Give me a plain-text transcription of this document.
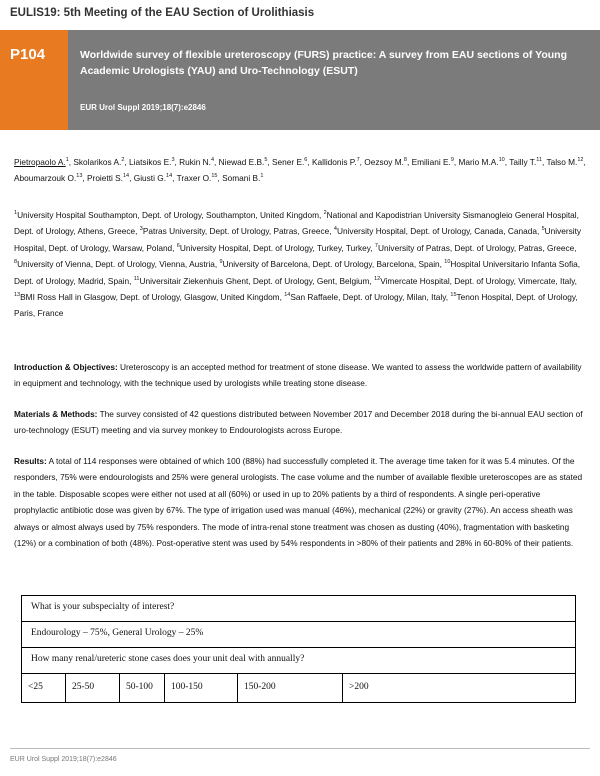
EULIS19: 5th Meeting of the EAU Section of Urolithiasis
P104	Worldwide survey of flexible ureteroscopy (FURS) practice: A survey from EAU sections of Young Academic Urologists (YAU) and Uro-Technology (ESUT)
EUR Urol Suppl 2019;18(7):e2846

Pietropaolo A.$^1$, Skolarikos A.$^2$, Liatsikos E.$^3$, Rukin N.$^4$, Niewad E.B.$^5$, Sener E.$^6$, Kallidonis P.$^7$, Oezsoy M.$^8$, Emiliani E.$^9$, Mario M.A.$^{10}$, Tailly T.$^{11}$, Talso M.$^{12}$, Aboumarzouk O.$^{13}$, Proietti S.$^{14}$, Giusti G.$^{14}$, Traxer O.$^{15}$, Somani B.$^1$

$^1$University Hospital Southampton, Dept. of Urology, Southampton, United Kingdom, $^2$National and Kapodistrian University Sismanogleio General Hospital, Dept. of Urology, Athens, Greece, $^3$Patras University, Dept. of Urology, Patras, Greece, $^4$University Hospital, Dept. of Urology, Canada, Canada, $^5$University Hospital, Dept. of Urology, Warsaw, Poland, $^6$University Hospital, Dept. of Urology, Turkey, Turkey, $^7$University of Patras, Dept. of Urology, Patras, Greece, $^8$University of Vienna, Dept. of Urology, Vienna, Austria, $^9$University of Barcelona, Dept. of Urology, Barcelona, Spain, $^{10}$Hospital Universitario Infanta Sofia, Dept. of Urology, Madrid, Spain, $^{11}$Universitair Ziekenhuis Ghent, Dept. of Urology, Gent, Belgium, $^{12}$Vimercate Hospital, Dept. of Urology, Vimercate, Italy, $^{13}$BMI Ross Hall in Glasgow, Dept. of Urology, Glasgow, United Kingdom, $^{14}$San Raffaele, Dept. of Urology, Milan, Italy, $^{15}$Tenon Hospital, Dept. of Urology, Paris, France

Introduction & Objectives: Ureteroscopy is an accepted method for treatment of stone disease. We wanted to assess the worldwide pattern of availability in equipment and technology, with the technique used by urologists while treating stone disease.

Materials & Methods: The survey consisted of 42 questions distributed between November 2017 and December 2018 during the bi-annual EAU section of uro-technology (ESUT) meeting and via survey monkey to Endourologists across Europe.

Results: A total of 114 responses were obtained of which 100 (88%) had successfully completed it. The average time taken for it was 5.4 minutes. Of the responders, 75% were endourologists and 25% were general urologists. The case volume and the number of available flexible ureteroscopes are as stated in the table. Disposable scopes were either not used at all (60%) or used in up to 20% patients by a third of respondents. A single peri-operative prophylactic antibiotic dose was given by 67%. The type of irrigation used was manual (46%), mechanical (22%) or gravity (27%). An access sheath was always or almost always used by 75% responders. The mode of intra-renal stone treatment was chosen as dusting (40%), fragmentation with basketing (12%) or a combination of both (48%). Post-operative stent was used by 54% respondents in >80% of their patients and 28% in 60-80% of their patients.

What is your subspecialty of interest?
Endourology – 75%, General Urology – 25%
How many renal/ureteric stone cases does your unit deal with annually?
<25	25-50	50-100	100-150	150-200	>200
EUR Urol Suppl 2019;18(7):e2846
